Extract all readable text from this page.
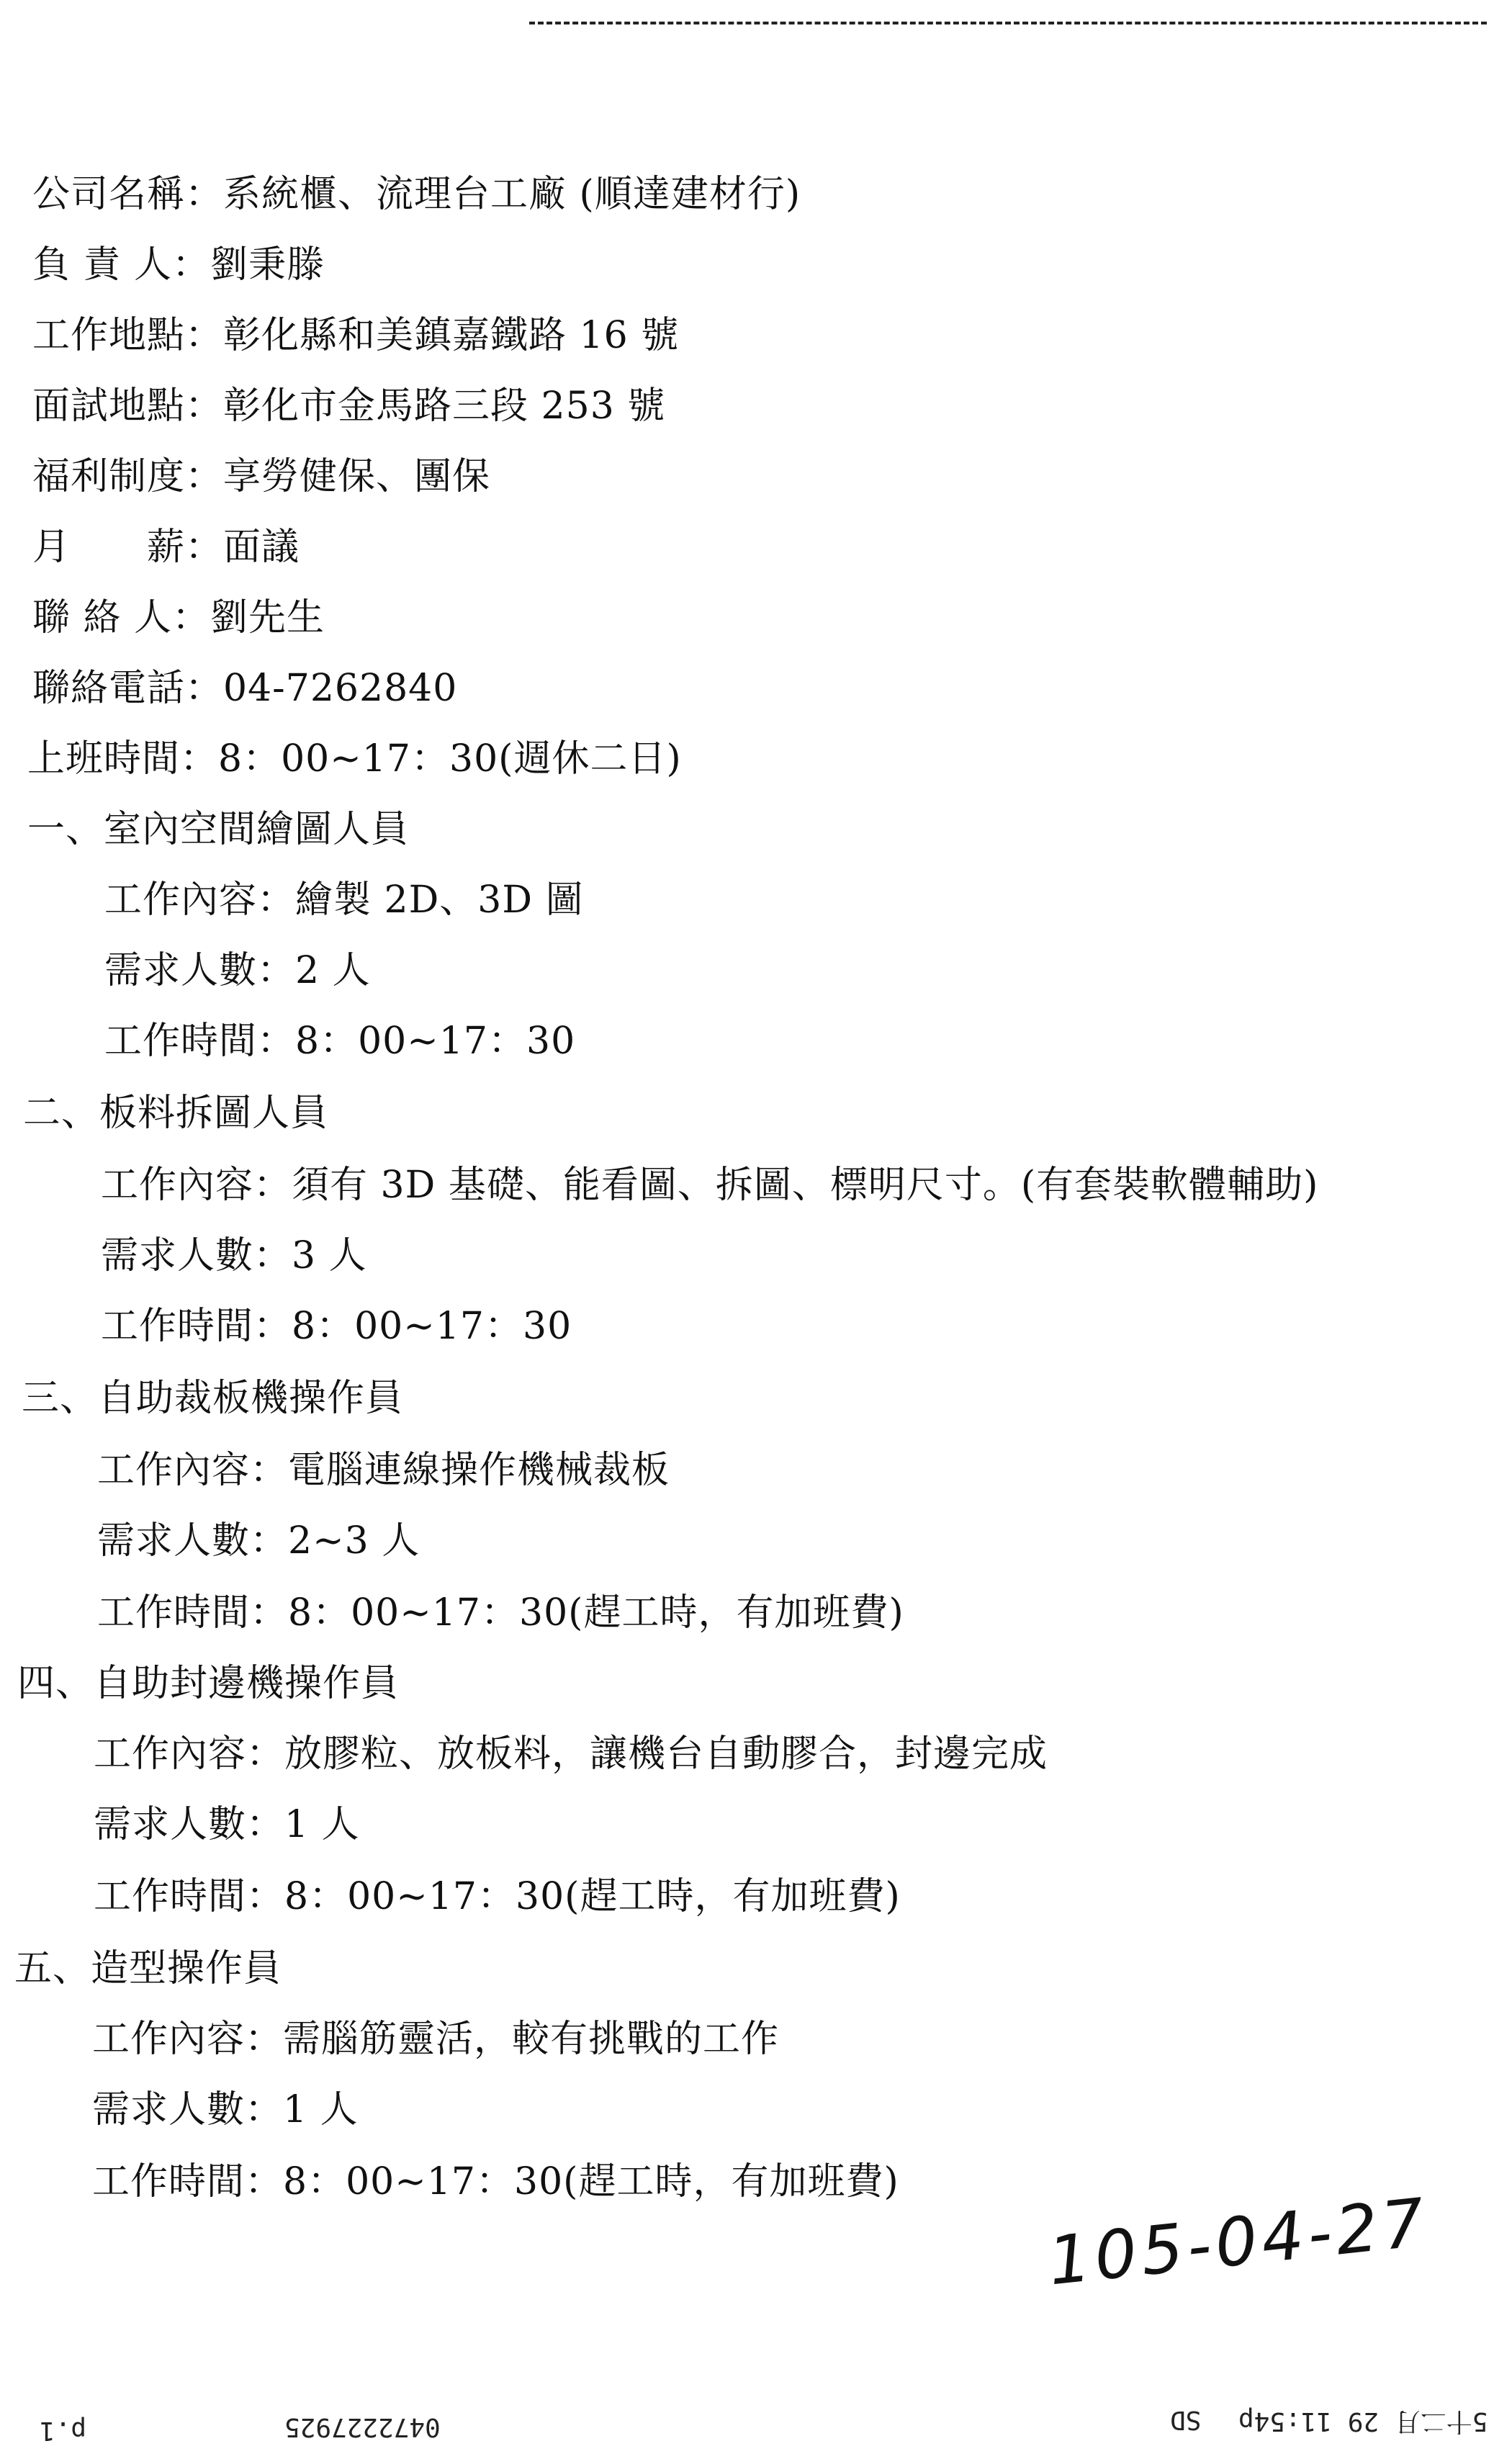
公司名稱：系統櫃、流理台工廠 (順達建材行)
負 責 人：劉秉滕
工作地點：彰化縣和美鎮嘉鐵路 16 號
面試地點：彰化市金馬路三段 253 號
福利制度：享勞健保、團保
月　　薪：面議
聯 絡 人：劉先生
聯絡電話：04-7262840
上班時間：8：00~17：30(週休二日)
一、室內空間繪圖人員
工作內容：繪製 2D、3D 圖
需求人數：2 人
工作時間：8：00~17：30
二、板料拆圖人員
工作內容：須有 3D 基礎、能看圖、拆圖、標明尺寸。(有套裝軟體輔助)
需求人數：3 人
工作時間：8：00~17：30
三、自助裁板機操作員
工作內容：電腦連線操作機械裁板
需求人數：2~3 人
工作時間：8：00~17：30(趕工時，有加班費)
四、自助封邊機操作員
工作內容：放膠粒、放板料，讓機台自動膠合，封邊完成
需求人數：1 人
工作時間：8：00~17：30(趕工時，有加班費)
五、造型操作員
工作內容：需腦筋靈活，較有挑戰的工作
需求人數：1 人
工作時間：8：00~17：30(趕工時，有加班費)
105-04-27
5十二月 29 11:54p
SD
0472227925
p.1
